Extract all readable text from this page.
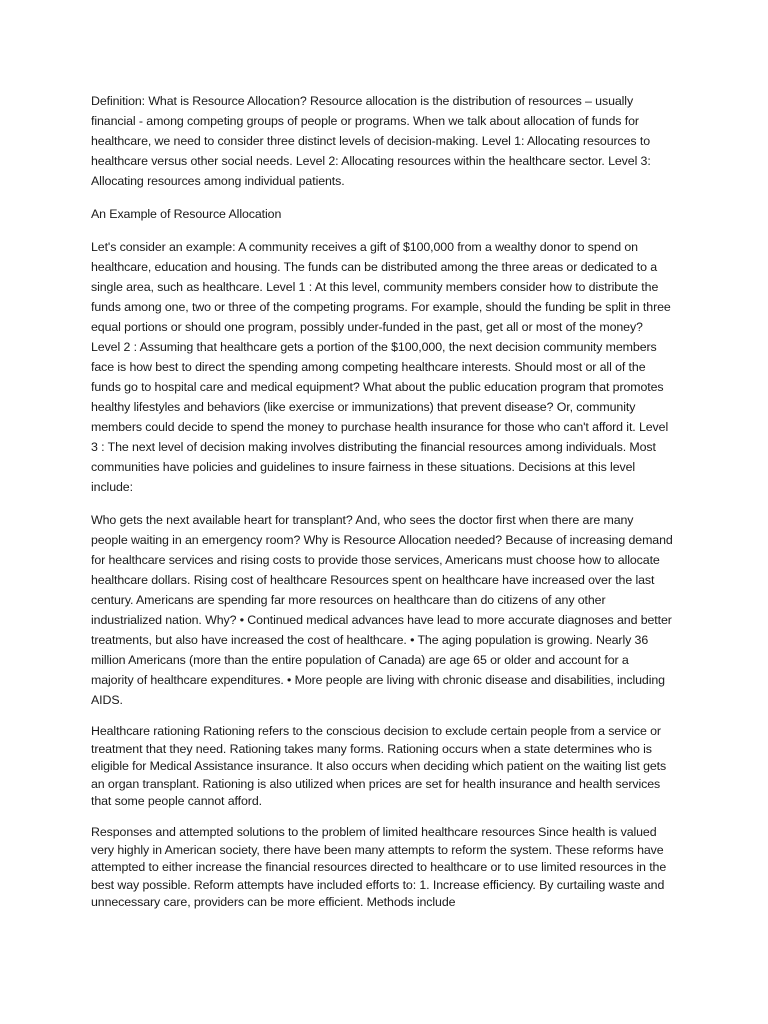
Definition: What is Resource Allocation? Resource allocation is the distribution of resources – usually financial - among competing groups of people or programs. When we talk about allocation of funds for healthcare, we need to consider three distinct levels of decision-making. Level 1: Allocating resources to healthcare versus other social needs. Level 2: Allocating resources within the healthcare sector. Level 3: Allocating resources among individual patients.

An Example of Resource Allocation

Let's consider an example: A community receives a gift of $100,000 from a wealthy donor to spend on healthcare, education and housing. The funds can be distributed among the three areas or dedicated to a single area, such as healthcare. Level 1 : At this level, community members consider how to distribute the funds among one, two or three of the competing programs. For example, should the funding be split in three equal portions or should one program, possibly under-funded in the past, get all or most of the money? Level 2 : Assuming that healthcare gets a portion of the $100,000, the next decision community members face is how best to direct the spending among competing healthcare interests. Should most or all of the funds go to hospital care and medical equipment? What about the public education program that promotes healthy lifestyles and behaviors (like exercise or immunizations) that prevent disease? Or, community members could decide to spend the money to purchase health insurance for those who can't afford it. Level 3 : The next level of decision making involves distributing the financial resources among individuals. Most communities have policies and guidelines to insure fairness in these situations. Decisions at this level include:

Who gets the next available heart for transplant? And, who sees the doctor first when there are many people waiting in an emergency room? Why is Resource Allocation needed? Because of increasing demand for healthcare services and rising costs to provide those services, Americans must choose how to allocate healthcare dollars. Rising cost of healthcare Resources spent on healthcare have increased over the last century. Americans are spending far more resources on healthcare than do citizens of any other industrialized nation. Why? • Continued medical advances have lead to more accurate diagnoses and better treatments, but also have increased the cost of healthcare. • The aging population is growing. Nearly 36 million Americans (more than the entire population of Canada) are age 65 or older and account for a majority of healthcare expenditures. • More people are living with chronic disease and disabilities, including AIDS.

Healthcare rationing Rationing refers to the conscious decision to exclude certain people from a service or treatment that they need. Rationing takes many forms. Rationing occurs when a state determines who is eligible for Medical Assistance insurance. It also occurs when deciding which patient on the waiting list gets an organ transplant. Rationing is also utilized when prices are set for health insurance and health services that some people cannot afford.

Responses and attempted solutions to the problem of limited healthcare resources Since health is valued very highly in American society, there have been many attempts to reform the system. These reforms have attempted to either increase the financial resources directed to healthcare or to use limited resources in the best way possible. Reform attempts have included efforts to: 1. Increase efficiency. By curtailing waste and unnecessary care, providers can be more efficient. Methods include
